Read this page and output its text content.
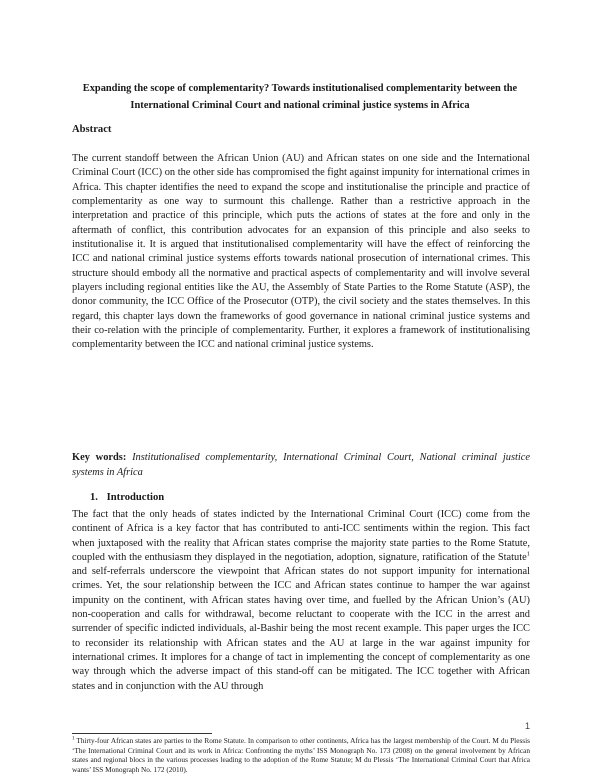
Expanding the scope of complementarity? Towards institutionalised complementarity between the International Criminal Court and national criminal justice systems in Africa
Abstract

The current standoff between the African Union (AU) and African states on one side and the International Criminal Court (ICC) on the other side has compromised the fight against impunity for international crimes in Africa. This chapter identifies the need to expand the scope and institutionalise the principle and practice of complementarity as one way to surmount this challenge. Rather than a restrictive approach in the interpretation and practice of this principle, which puts the actions of states at the fore and only in the aftermath of conflict, this contribution advocates for an expansion of this principle and also seeks to institutionalise it. It is argued that institutionalised complementarity will have the effect of reinforcing the ICC and national criminal justice systems efforts towards national prosecution of international crimes. This structure should embody all the normative and practical aspects of complementarity and will involve several players including regional entities like the AU, the Assembly of State Parties to the Rome Statute (ASP), the donor community, the ICC Office of the Prosecutor (OTP), the civil society and the states themselves. In this regard, this chapter lays down the frameworks of good governance in national criminal justice systems and their co-relation with the principle of complementarity. Further, it explores a framework of institutionalising complementarity between the ICC and national criminal justice systems.

Key words: Institutionalised complementarity, International Criminal Court, National criminal justice systems in Africa

1. Introduction

The fact that the only heads of states indicted by the International Criminal Court (ICC) come from the continent of Africa is a key factor that has contributed to anti-ICC sentiments within the region. This fact when juxtaposed with the reality that African states comprise the majority state parties to the Rome Statute, coupled with the enthusiasm they displayed in the negotiation, adoption, signature, ratification of the Statute$^1$ and self-referrals underscore the viewpoint that African states do not support impunity for international crimes. Yet, the sour relationship between the ICC and African states continue to hamper the war against impunity on the continent, with African states having over time, and fuelled by the African Union’s (AU) non-cooperation and calls for withdrawal, become reluctant to cooperate with the ICC in the arrest and surrender of specific indicted individuals, al-Bashir being the most recent example. This paper urges the ICC to reconsider its relationship with African states and the AU at large in the war against impunity for international crimes. It implores for a change of tact in implementing the concept of complementarity as one way through which the adverse impact of this stand-off can be mitigated. The ICC together with African states and in conjunction with the AU through

$^1$ Thirty-four African states are parties to the Rome Statute. In comparison to other continents, Africa has the largest membership of the Court. M du Plessis ‘The International Criminal Court and its work in Africa: Confronting the myths’ ISS Monograph No. 173 (2008) on the general involvement by African states and regional blocs in the various processes leading to the adoption of the Rome Statute; M du Plessis ‘The International Criminal Court that Africa wants’ ISS Monograph No. 172 (2010).

1
